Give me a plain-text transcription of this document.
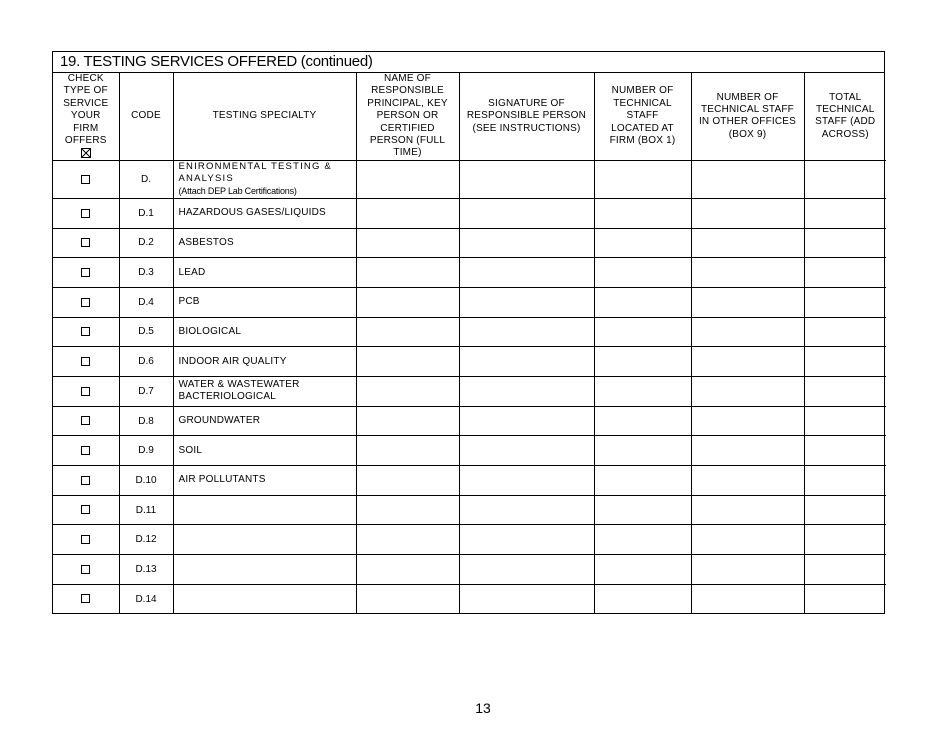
19. TESTING SERVICES OFFERED (continued)
CHECK TYPE OF SERVICE YOUR FIRM OFFERS	CODE	TESTING SPECIALTY	NAME OF RESPONSIBLE PRINCIPAL, KEY PERSON OR CERTIFIED PERSON (FULL TIME)	SIGNATURE OF RESPONSIBLE PERSON (SEE INSTRUCTIONS)	NUMBER OF TECHNICAL STAFF LOCATED AT FIRM (BOX 1)	NUMBER OF TECHNICAL STAFF IN OTHER OFFICES (BOX 9)	TOTAL TECHNICAL STAFF (ADD ACROSS)

	D.	ENIRONMENTAL TESTING & ANALYSIS
(Attach DEP Lab Certifications)					

	D.1	HAZARDOUS GASES/LIQUIDS					

	D.2	ASBESTOS					

	D.3	LEAD					

	D.4	PCB					

	D.5	BIOLOGICAL					

	D.6	INDOOR AIR QUALITY					

	D.7	WATER & WASTEWATER BACTERIOLOGICAL					

	D.8	GROUNDWATER					

	D.9	SOIL					

	D.10	AIR POLLUTANTS					

	D.11	

	D.12	

	D.13	

	D.14	

13
